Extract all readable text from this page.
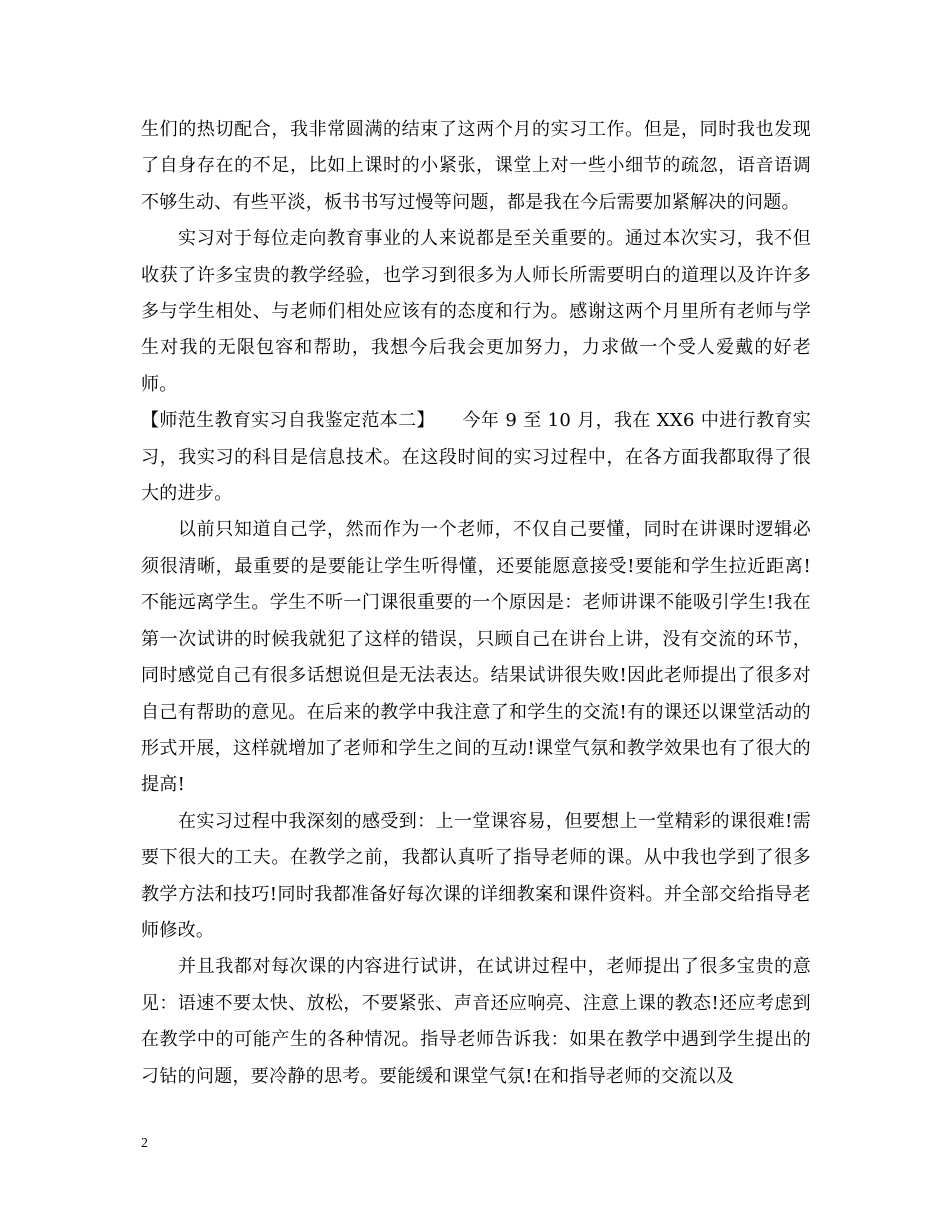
生们的热切配合，我非常圆满的结束了这两个月的实习工作。但是，同时我也发现了自身存在的不足，比如上课时的小紧张，课堂上对一些小细节的疏忽，语音语调不够生动、有些平淡，板书书写过慢等问题，都是我在今后需要加紧解决的问题。

实习对于每位走向教育事业的人来说都是至关重要的。通过本次实习，我不但收获了许多宝贵的教学经验，也学习到很多为人师长所需要明白的道理以及许许多多与学生相处、与老师们相处应该有的态度和行为。感谢这两个月里所有老师与学生对我的无限包容和帮助，我想今后我会更加努力，力求做一个受人爱戴的好老师。

【师范生教育实习自我鉴定范本二】　　今年 9 至 10 月，我在 XX6 中进行教育实习，我实习的科目是信息技术。在这段时间的实习过程中，在各方面我都取得了很大的进步。

以前只知道自己学，然而作为一个老师，不仅自己要懂，同时在讲课时逻辑必须很清晰，最重要的是要能让学生听得懂，还要能愿意接受!要能和学生拉近距离!不能远离学生。学生不听一门课很重要的一个原因是：老师讲课不能吸引学生!我在第一次试讲的时候我就犯了这样的错误，只顾自己在讲台上讲，没有交流的环节，同时感觉自己有很多话想说但是无法表达。结果试讲很失败!因此老师提出了很多对自己有帮助的意见。在后来的教学中我注意了和学生的交流!有的课还以课堂活动的形式开展，这样就增加了老师和学生之间的互动!课堂气氛和教学效果也有了很大的提高!

在实习过程中我深刻的感受到：上一堂课容易，但要想上一堂精彩的课很难!需要下很大的工夫。在教学之前，我都认真听了指导老师的课。从中我也学到了很多教学方法和技巧!同时我都准备好每次课的详细教案和课件资料。并全部交给指导老师修改。

并且我都对每次课的内容进行试讲，在试讲过程中，老师提出了很多宝贵的意见：语速不要太快、放松，不要紧张、声音还应响亮、注意上课的教态!还应考虑到在教学中的可能产生的各种情况。指导老师告诉我：如果在教学中遇到学生提出的刁钻的问题，要冷静的思考。要能缓和课堂气氛!在和指导老师的交流以及

2
